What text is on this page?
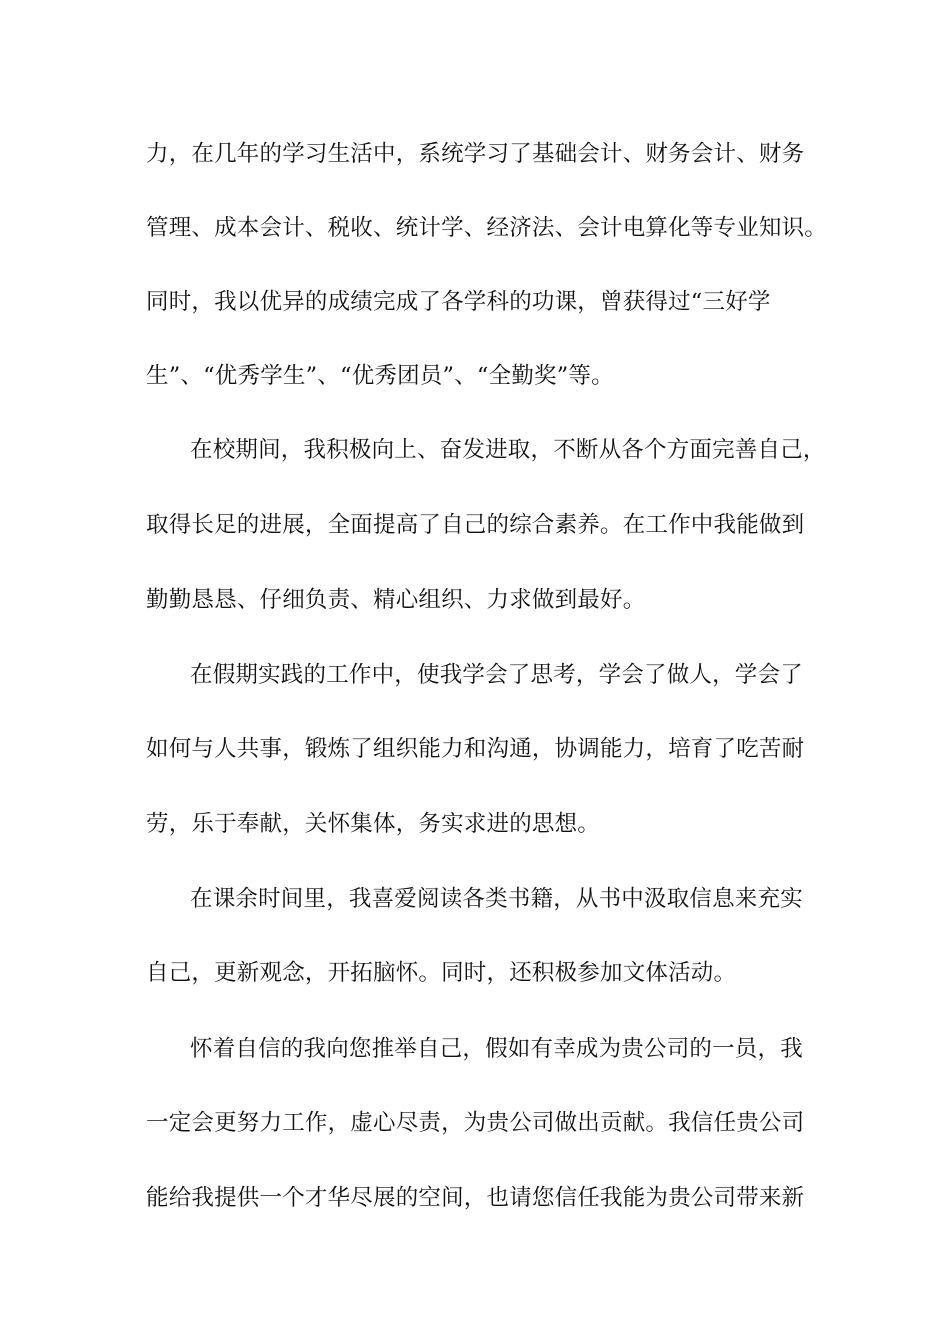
力，在几年的学习生活中，系统学习了基础会计、财务会计、财务
管理、成本会计、税收、统计学、经济法、会计电算化等专业知识。
同时，我以优异的成绩完成了各学科的功课，曾获得过“三好学
生”、“优秀学生”、“优秀团员”、“全勤奖”等。
在校期间，我积极向上、奋发进取，不断从各个方面完善自己，
取得长足的进展，全面提高了自己的综合素养。在工作中我能做到
勤勤恳恳、仔细负责、精心组织、力求做到最好。
在假期实践的工作中，使我学会了思考，学会了做人，学会了
如何与人共事，锻炼了组织能力和沟通，协调能力，培育了吃苦耐
劳，乐于奉献，关怀集体，务实求进的思想。
在课余时间里，我喜爱阅读各类书籍，从书中汲取信息来充实
自己，更新观念，开拓脑怀。同时，还积极参加文体活动。
怀着自信的我向您推举自己，假如有幸成为贵公司的一员，我
一定会更努力工作，虚心尽责，为贵公司做出贡献。我信任贵公司
能给我提供一个才华尽展的空间，也请您信任我能为贵公司带来新
